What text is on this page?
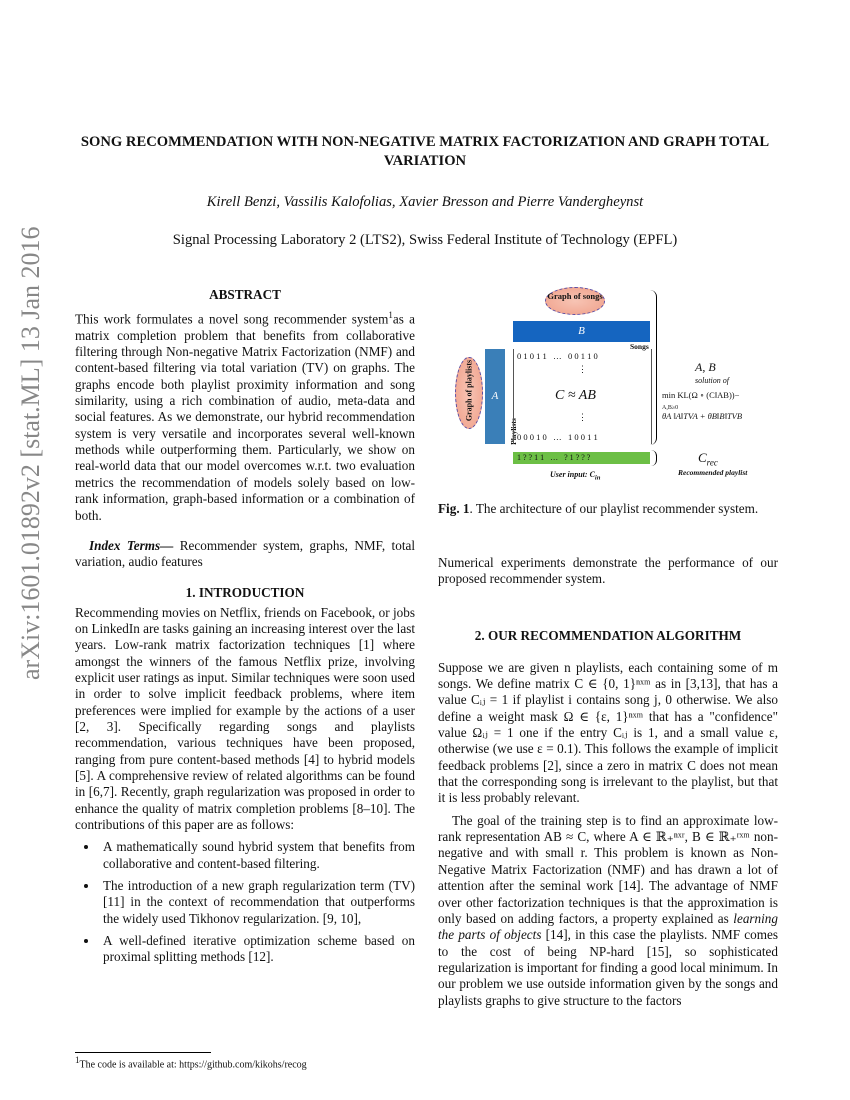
arXiv:1601.01892v2 [stat.ML] 13 Jan 2016
SONG RECOMMENDATION WITH NON-NEGATIVE MATRIX FACTORIZATION AND GRAPH TOTAL VARIATION
Kirell Benzi, Vassilis Kalofolias, Xavier Bresson and Pierre Vandergheynst
Signal Processing Laboratory 2 (LTS2), Swiss Federal Institute of Technology (EPFL)
ABSTRACT

This work formulates a novel song recommender system$^1$as a matrix completion problem that benefits from collaborative filtering through Non-negative Matrix Factorization (NMF) and content-based filtering via total variation (TV) on graphs. The graphs encode both playlist proximity information and song similarity, using a rich combination of audio, meta-data and social features. As we demonstrate, our hybrid recommendation system is very versatile and incorporates several well-known methods while outperforming them. Particularly, we show on real-world data that our model overcomes w.r.t. two evaluation metrics the recommendation of models solely based on low-rank information, graph-based information or a combination of both.

Index Terms— Recommender system, graphs, NMF, total variation, audio features

1. INTRODUCTION

Recommending movies on Netflix, friends on Facebook, or jobs on LinkedIn are tasks gaining an increasing interest over the last years. Low-rank matrix factorization techniques [1] where amongst the winners of the famous Netflix prize, involving explicit user ratings as input. Similar techniques were soon used in order to solve implicit feedback problems, where item preferences were implied for example by the actions of a user [2, 3]. Specifically regarding songs and playlists recommendation, various techniques have been proposed, ranging from pure content-based methods [4] to hybrid models [5]. A comprehensive review of related algorithms can be found in [6,7]. Recently, graph regularization was proposed in order to enhance the quality of matrix completion problems [8–10]. The contributions of this paper are as follows:

• A mathematically sound hybrid system that benefits from collaborative and content-based filtering.
• The introduction of a new graph regularization term (TV) [11] in the context of recommendation that outperforms the widely used Tikhonov regularization. [9, 10],
• A well-defined iterative optimization scheme based on proximal splitting methods [12].
$^1$The code is available at: https://github.com/kikohs/recog
Graph of songs
B
Songs
Graph of playlists	A
Playlists
0 1 0 1 1   …   0 0 1 1 0
⋮
C ≈ AB
⋮
0 0 0 1 0   …   1 0 0 1 1
1 ? ? 1 1   …   ? 1 ? ? ?
User input: $C_{in}$
A, B
solution of
min KL(Ω ∘ (C‖AB))−
A,B≥0
θA ‖A‖TVA + θB‖B‖TVB
$C_{rec}$
Recommended playlist
Fig. 1. The architecture of our playlist recommender system.

Numerical experiments demonstrate the performance of our proposed recommender system.

2. OUR RECOMMENDATION ALGORITHM

Suppose we are given n playlists, each containing some of m songs. We define matrix C ∈ {0, 1}ⁿˣᵐ as in [3,13], that has a value Cᵢⱼ = 1 if playlist i contains song j, 0 otherwise. We also define a weight mask Ω ∈ {ε, 1}ⁿˣᵐ that has a "confidence" value Ωᵢⱼ = 1 one if the entry Cᵢⱼ is 1, and a small value ε, otherwise (we use ε = 0.1). This follows the example of implicit feedback problems [2], since a zero in matrix C does not mean that the corresponding song is irrelevant to the playlist, but that it is less probably relevant.

The goal of the training step is to find an approximate low-rank representation AB ≈ C, where A ∈ ℝ₊ⁿˣʳ, B ∈ ℝ₊ʳˣᵐ non-negative and with small r. This problem is known as Non-Negative Matrix Factorization (NMF) and has drawn a lot of attention after the seminal work [14]. The advantage of NMF over other factorization techniques is that the approximation is only based on adding factors, a property explained as learning the parts of objects [14], in this case the playlists. NMF comes to the cost of being NP-hard [15], so sophisticated regularization is important for finding a good local minimum. In our problem we use outside information given by the songs and playlists graphs to give structure to the factors
